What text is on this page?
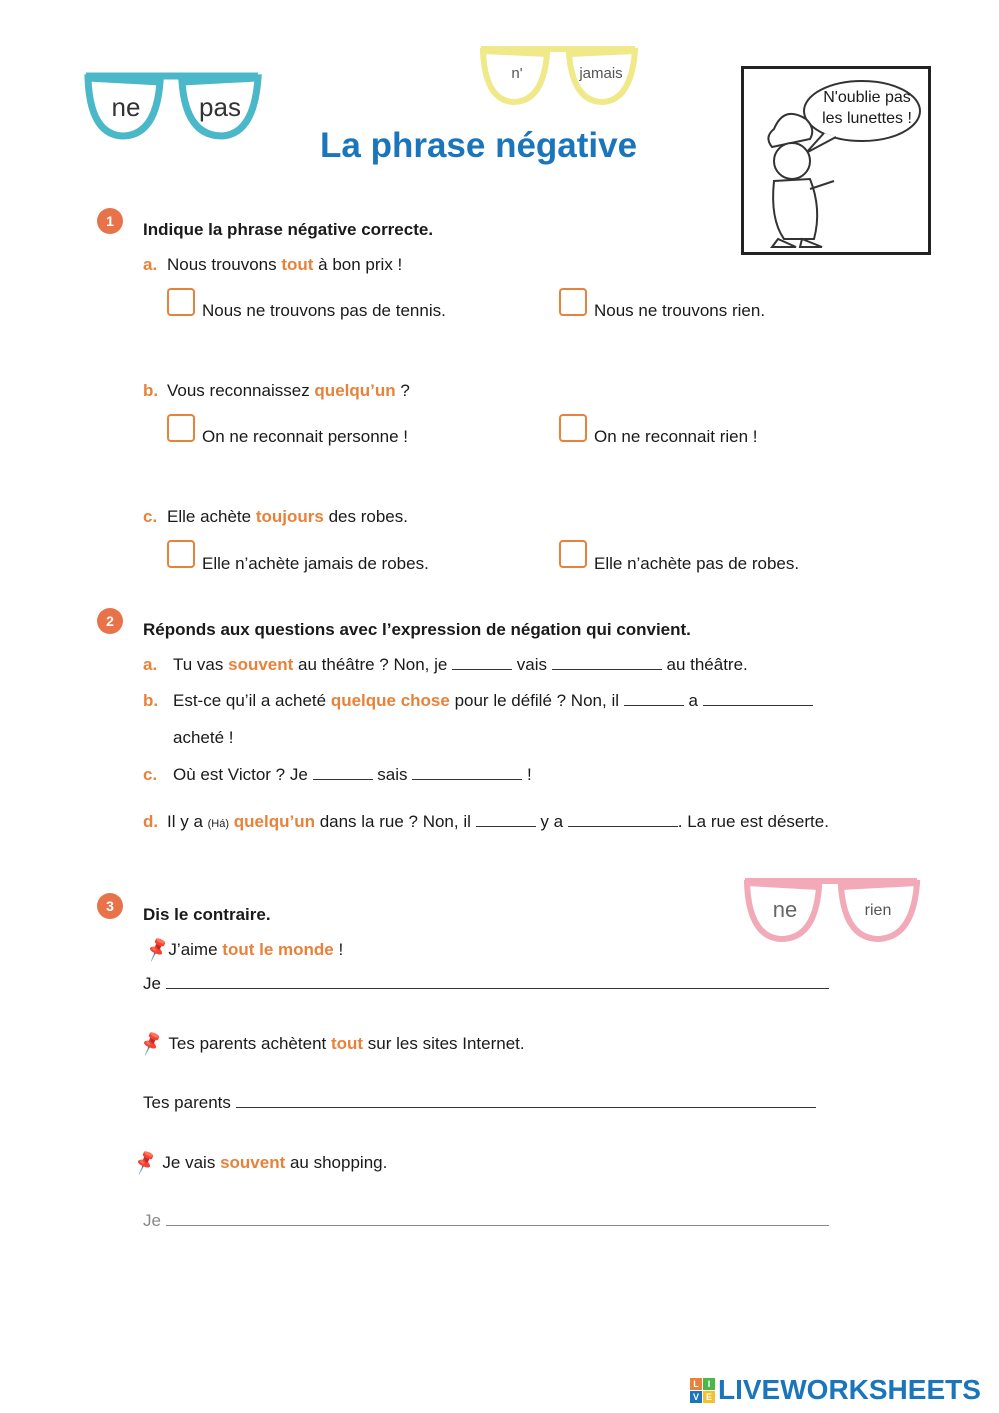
ne pas
n'	jamais
La phrase négative
N'oublie pas les lunettes !
1	Indique la phrase négative correcte.
a. Nous trouvons tout à bon prix !
Nous ne trouvons pas de tennis.	Nous ne trouvons rien.
b. Vous reconnaissez quelqu’un ?
On ne reconnait personne !	On ne reconnait rien !
c. Elle achète toujours des robes.
Elle n’achète jamais de robes.	Elle n’achète pas de robes.
2	Réponds aux questions avec l’expression de négation qui convient.
a. Tu vas souvent au théâtre ? Non, je	vais	au théâtre.
b. Est-ce qu’il a acheté quelque chose pour le défilé ? Non, il	a
acheté !
c. Où est Victor ? Je	sais	!
d. Il y a (Há) quelqu’un dans la rue ? Non, il	y a	. La rue est déserte.
3	Dis le contraire.	ne	rien
📌J’aime tout le monde !
Je
📌 Tes parents achètent tout sur les sites Internet.
Tes parents
📌 Je vais souvent au shopping.
Je
L I
V E LIVEWORKSHEETS
